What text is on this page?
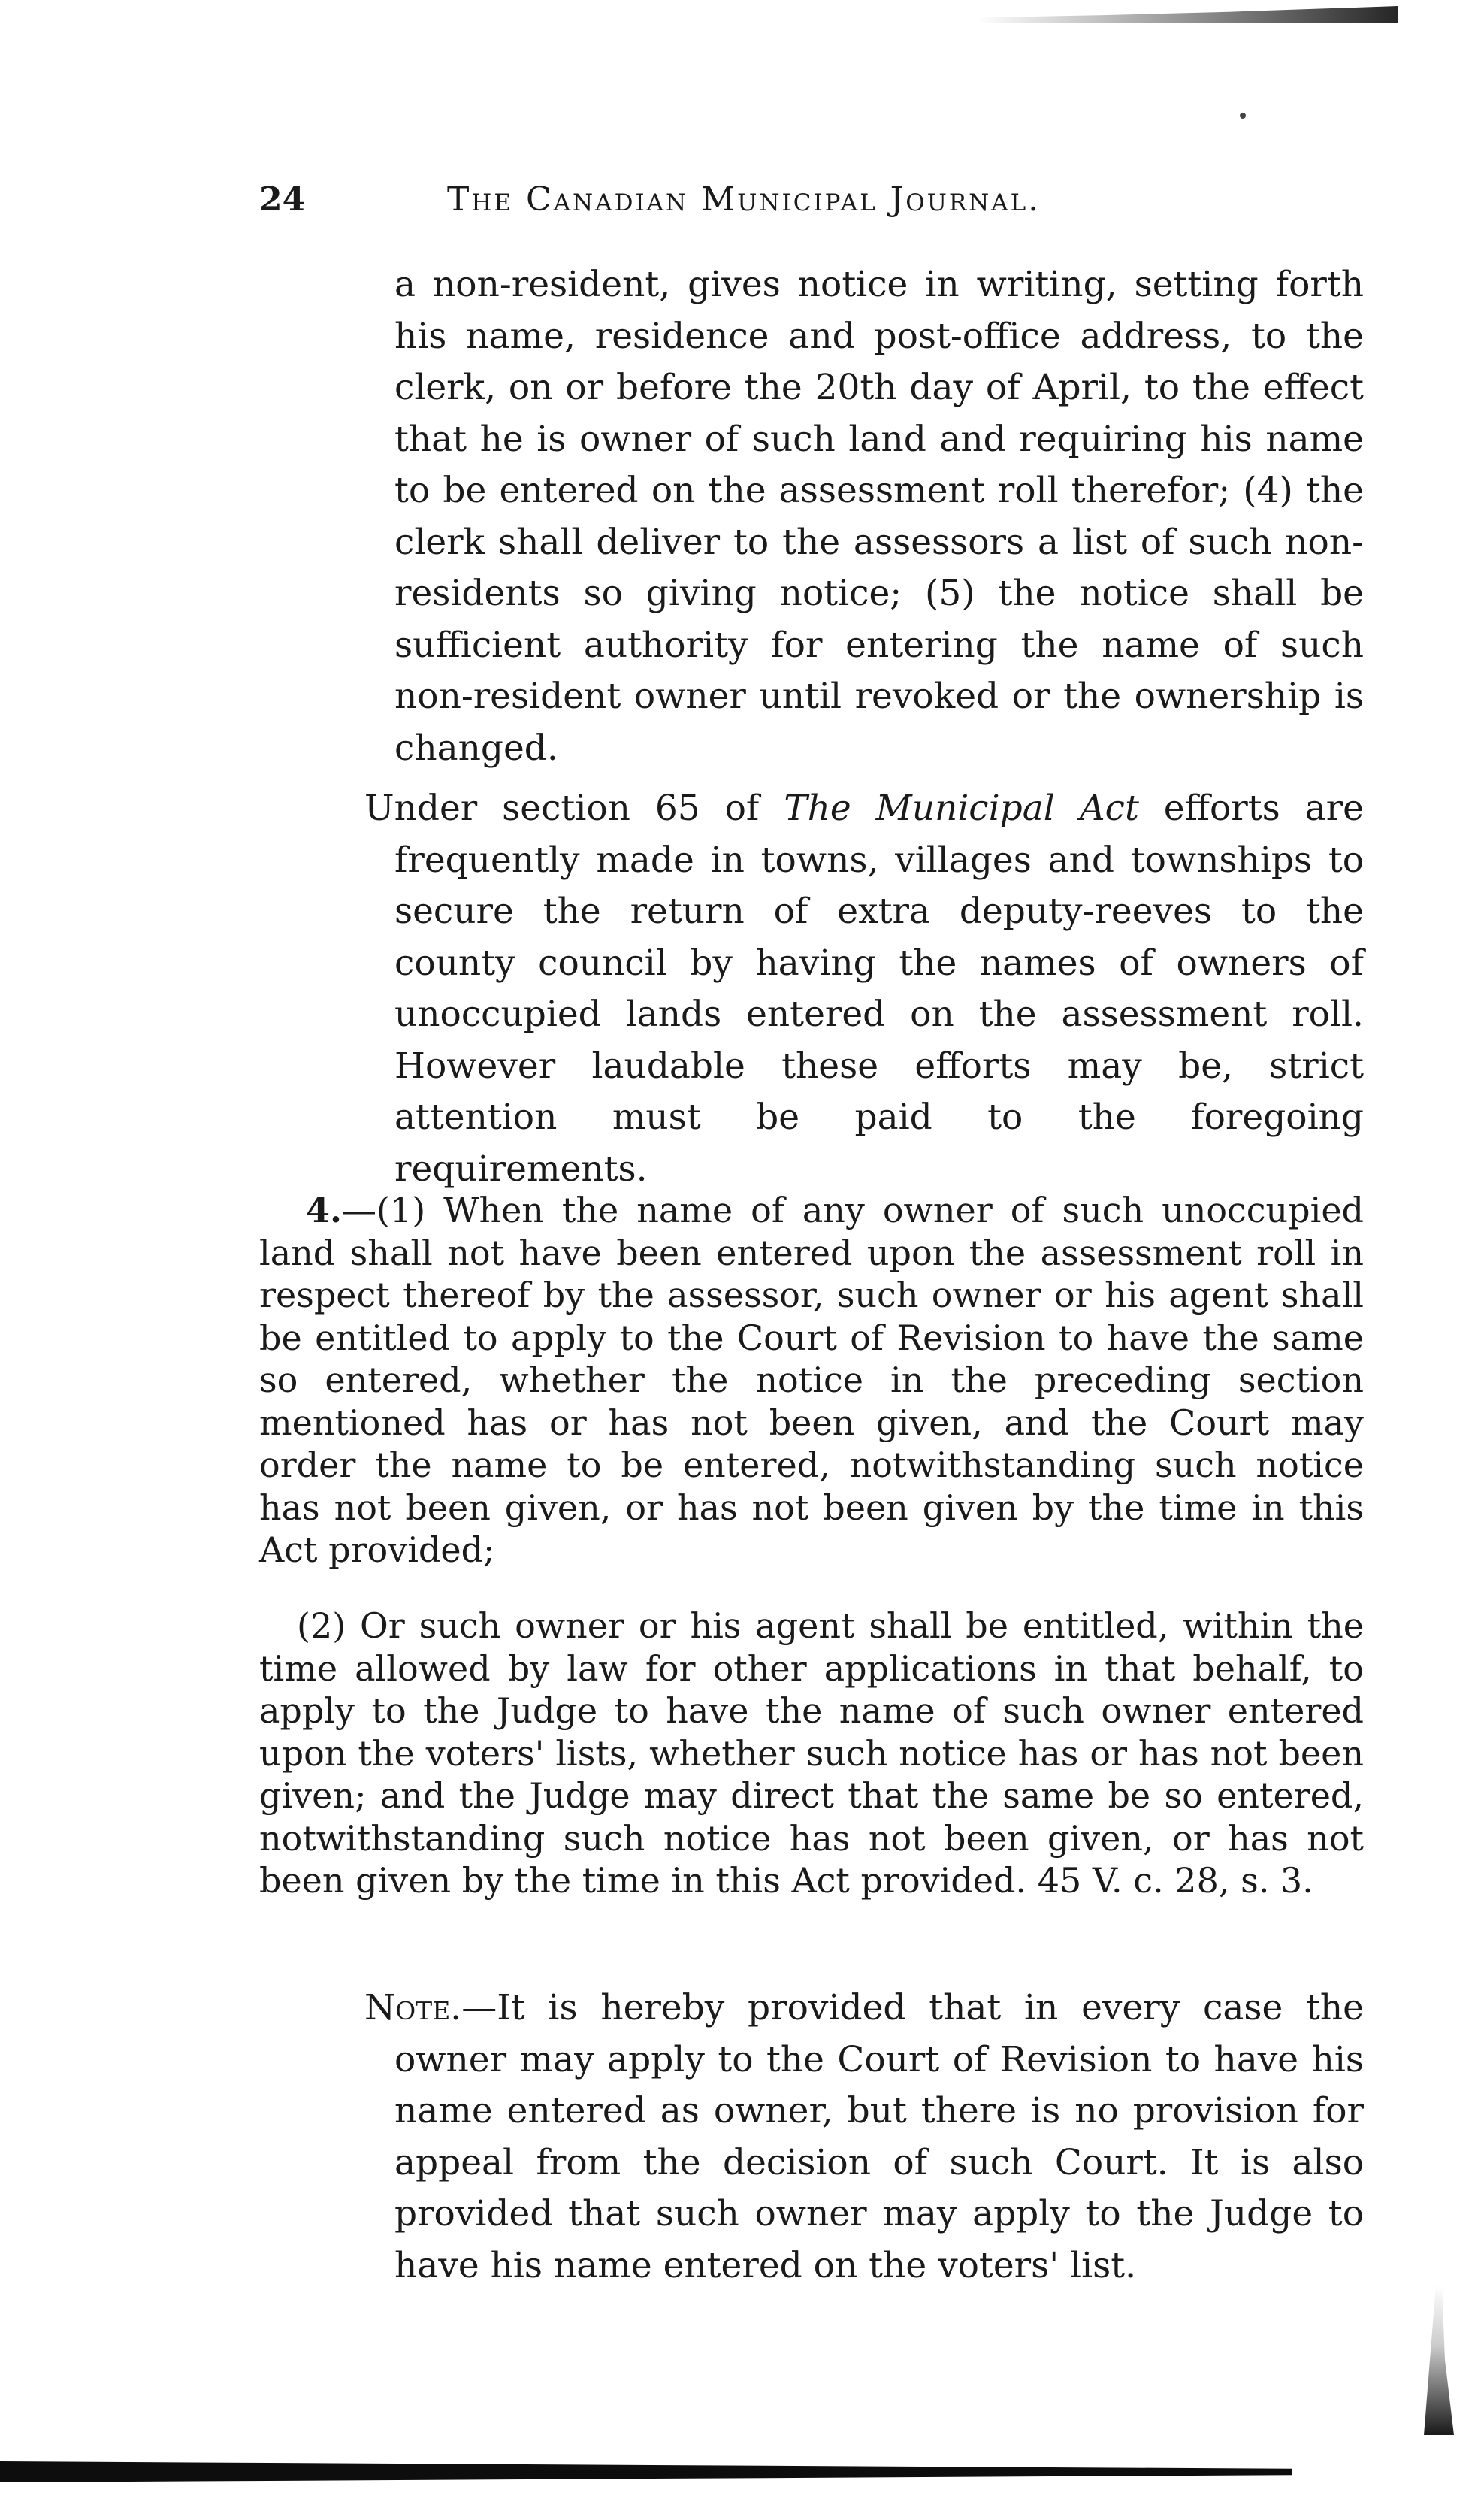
24	The Canadian Municipal Journal.

a non-resident, gives notice in writing, setting forth his name, residence and post-office address, to the clerk, on or before the 20th day of April, to the effect that he is owner of such land and requiring his name to be entered on the assessment roll therefor; (4) the clerk shall deliver to the assessors a list of such non-residents so giving notice; (5) the notice shall be sufficient authority for entering the name of such non-resident owner until revoked or the ownership is changed.

Under section 65 of The Municipal Act efforts are frequently made in towns, villages and townships to secure the return of extra deputy-reeves to the county council by having the names of owners of unoccupied lands entered on the assessment roll. However laudable these efforts may be, strict attention must be paid to the foregoing requirements.

4.—(1) When the name of any owner of such unoccupied land shall not have been entered upon the assessment roll in respect thereof by the assessor, such owner or his agent shall be entitled to apply to the Court of Revision to have the same so entered, whether the notice in the preceding section mentioned has or has not been given, and the Court may order the name to be entered, notwithstanding such notice has not been given, or has not been given by the time in this Act provided;

(2) Or such owner or his agent shall be entitled, within the time allowed by law for other applications in that behalf, to apply to the Judge to have the name of such owner entered upon the voters' lists, whether such notice has or has not been given; and the Judge may direct that the same be so entered, notwithstanding such notice has not been given, or has not been given by the time in this Act provided. 45 V. c. 28, s. 3.

Note.—It is hereby provided that in every case the owner may apply to the Court of Revision to have his name entered as owner, but there is no provision for appeal from the decision of such Court. It is also provided that such owner may apply to the Judge to have his name entered on the voters' list.
